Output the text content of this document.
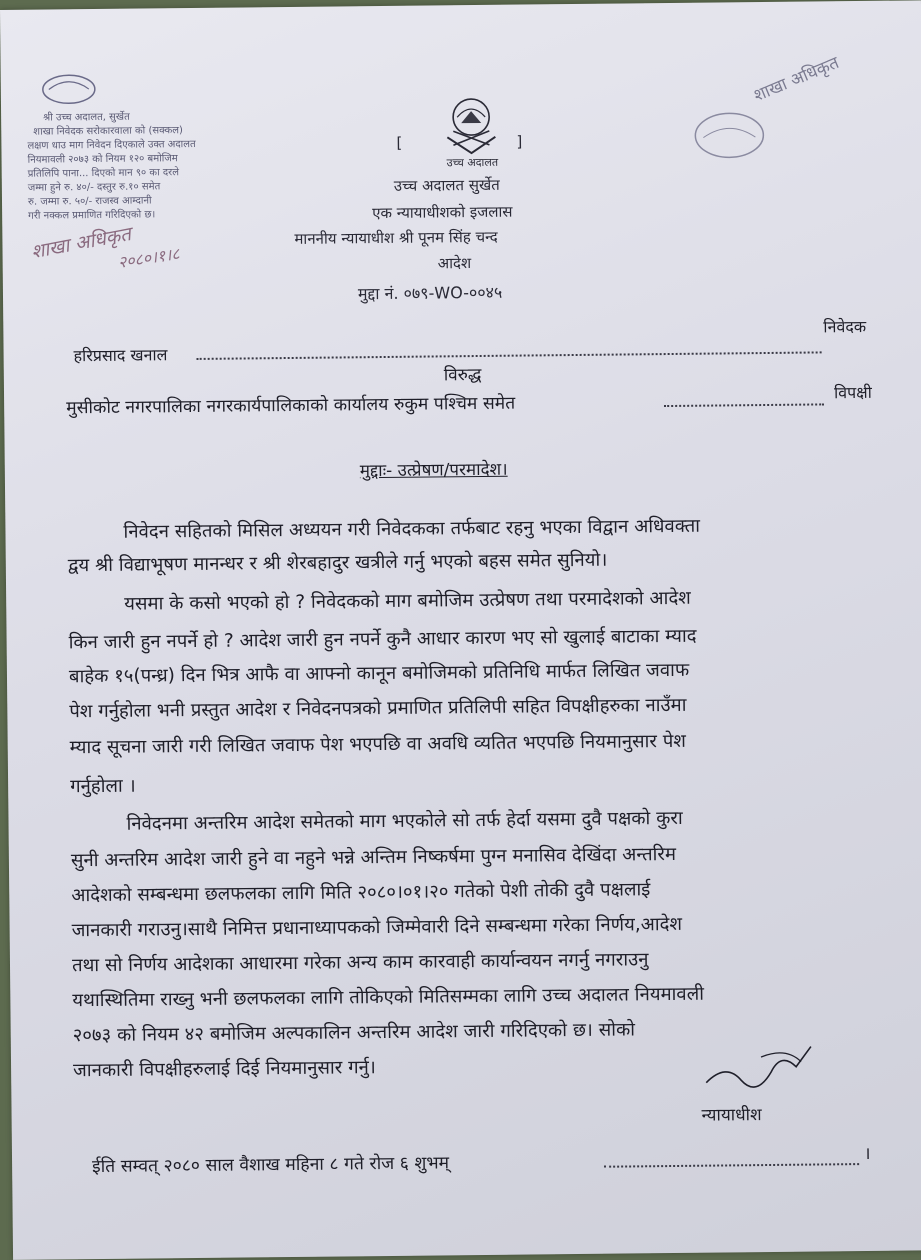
श्री उच्च अदालत, सुर्खेत
शाखा निवेदक सरोकारवाला को (सक्कल)
लक्षण धाउ माग निवेदन दिएकाले उक्त अदालत
नियमावली २०७३ को नियम १२० बमोजिम
प्रतिलिपि पाना... दिएको मान ९० का दरले
जम्मा हुने रु. ४०/- दस्तुर रु.१० समेत
रु. जम्मा रु. ५०/- राजस्व आम्दानी
गरी नक्कल प्रमाणित गरिदिएको छ।
शाखा अधिकृत
२०८०।१।८
शाखा अधिकृत
[	]
उच्च अदालत
उच्च अदालत सुर्खेत
एक न्यायाधीशको इजलास
माननीय न्यायाधीश श्री पूनम सिंह चन्द
आदेश
मुद्दा नं. ०७९-WO-००४५
हरिप्रसाद खनाल
निवेदक
विरुद्ध
मुसीकोट नगरपालिका नगरकार्यपालिकाको कार्यालय रुकुम पश्चिम समेत
विपक्षी
मुद्दाः- उत्प्रेषण/परमादेश।
निवेदन सहितको मिसिल अध्ययन गरी निवेदकका तर्फबाट रहनु भएका विद्वान अधिवक्ता
द्वय श्री विद्याभूषण मानन्धर र श्री शेरबहादुर खत्रीले गर्नु भएको बहस समेत सुनियो।
यसमा के कसो भएको हो ? निवेदकको माग बमोजिम उत्प्रेषण तथा परमादेशको आदेश
किन जारी हुन नपर्ने हो ? आदेश जारी हुन नपर्ने कुनै आधार कारण भए सो खुलाई बाटाका म्याद
बाहेक १५(पन्ध्र) दिन भित्र आफै वा आफ्नो कानून बमोजिमको प्रतिनिधि मार्फत लिखित जवाफ
पेश गर्नुहोला भनी प्रस्तुत आदेश र निवेदनपत्रको प्रमाणित प्रतिलिपी सहित विपक्षीहरुका नाउँमा
म्याद सूचना जारी गरी लिखित जवाफ पेश भएपछि वा अवधि व्यतित भएपछि नियमानुसार पेश
गर्नुहोला ।
निवेदनमा अन्तरिम आदेश समेतको माग भएकोले सो तर्फ हेर्दा यसमा दुवै पक्षको कुरा
सुनी अन्तरिम आदेश जारी हुने वा नहुने भन्ने अन्तिम निष्कर्षमा पुग्न मनासिव देखिंदा अन्तरिम
आदेशको सम्बन्धमा छलफलका लागि मिति २०८०।०१।२० गतेको पेशी तोकी दुवै पक्षलाई
जानकारी गराउनु।साथै निमित्त प्रधानाध्यापकको जिम्मेवारी दिने सम्बन्धमा गरेका निर्णय,आदेश
तथा सो निर्णय आदेशका आधारमा गरेका अन्य काम कारवाही कार्यान्वयन नगर्नु नगराउनु
यथास्थितिमा राख्नु भनी छलफलका लागि तोकिएको मितिसम्मका लागि उच्च अदालत नियमावली
२०७३ को नियम ४२ बमोजिम अल्पकालिन अन्तरिम आदेश जारी गरिदिएको छ। सोको
जानकारी विपक्षीहरुलाई दिई नियमानुसार गर्नु।
न्यायाधीश
ईति सम्वत् २०८० साल वैशाख महिना ८ गते रोज ६ शुभम्	।
